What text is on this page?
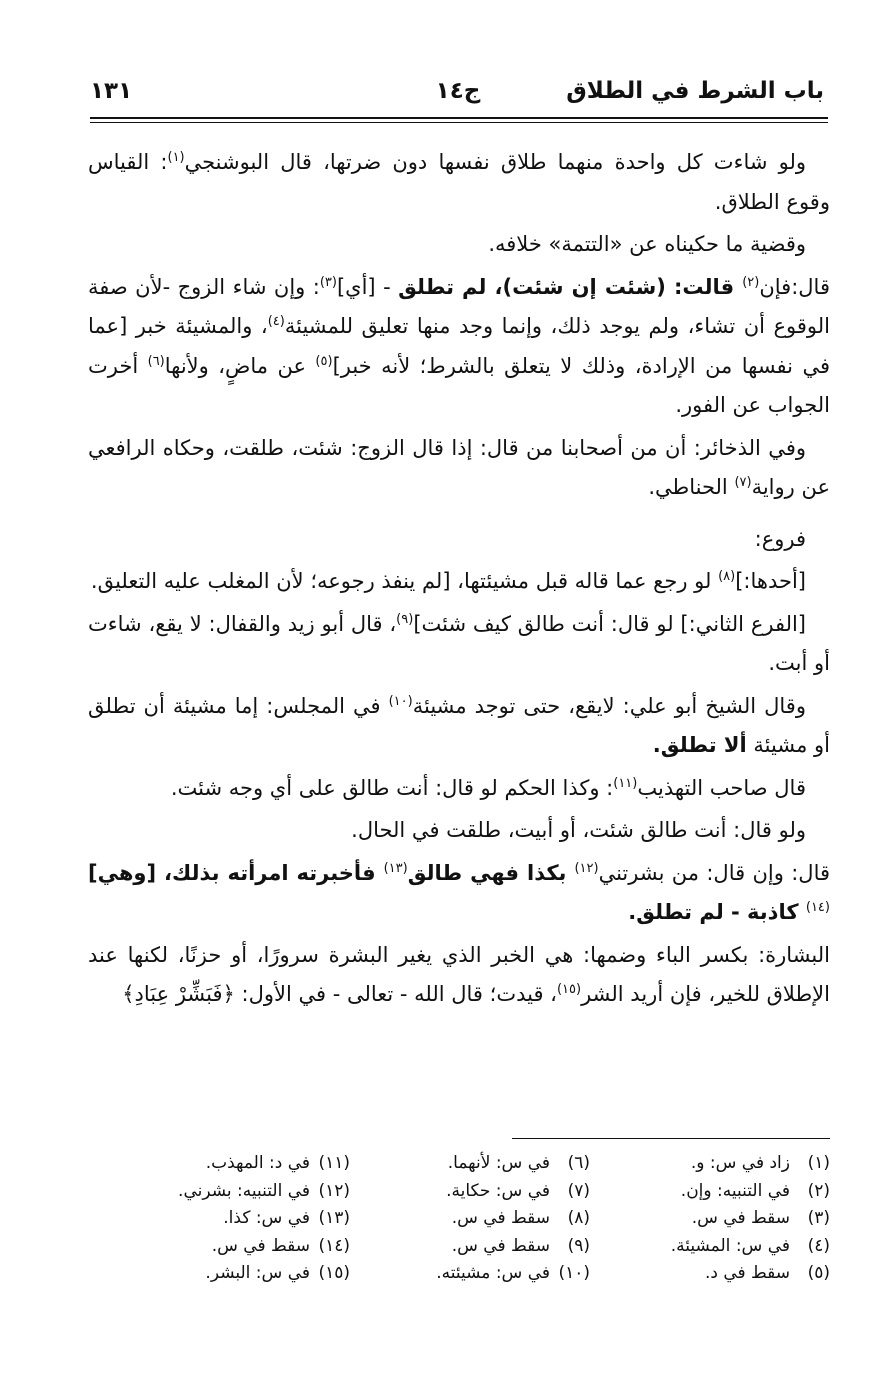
باب الشرط في الطلاق
ج١٤
١٣١

ولو شاءت كل واحدة منهما طلاق نفسها دون ضرتها، قال البوشنجي$^{(١)}$: القياس وقوع الطلاق.

وقضية ما حكيناه عن «التتمة» خلافه.

قال:فإن$^{(٢)}$ قالت: (شئت إن شئت)، لم تطلق - [أي]$^{(٣)}$: وإن شاء الزوج -لأن صفة الوقوع أن تشاء، ولم يوجد ذلك، وإنما وجد منها تعليق للمشيئة$^{(٤)}$، والمشيئة خبر [عما في نفسها من الإرادة، وذلك لا يتعلق بالشرط؛ لأنه خبر]$^{(٥)}$ عن ماضٍ، ولأنها$^{(٦)}$ أخرت الجواب عن الفور.

وفي الذخائر: أن من أصحابنا من قال: إذا قال الزوج: شئت، طلقت، وحكاه الرافعي عن رواية$^{(٧)}$ الحناطي.

فروع:

[أحدها:]$^{(٨)}$ لو رجع عما قاله قبل مشيئتها، [لم ينفذ رجوعه؛ لأن المغلب عليه التعليق.

[الفرع الثاني:] لو قال: أنت طالق كيف شئت]$^{(٩)}$، قال أبو زيد والقفال: لا يقع، شاءت أو أبت.

وقال الشيخ أبو علي: لايقع، حتى توجد مشيئة$^{(١٠)}$ في المجلس: إما مشيئة أن تطلق أو مشيئة ألا تطلق.

قال صاحب التهذيب$^{(١١)}$: وكذا الحكم لو قال: أنت طالق على أي وجه شئت.

ولو قال: أنت طالق شئت، أو أبيت، طلقت في الحال.

قال: وإن قال: من بشرتني$^{(١٢)}$ بكذا فهي طالق$^{(١٣)}$ فأخبرته امرأته بذلك، [وهي]$^{(١٤)}$ كاذبة - لم تطلق.

البشارة: بكسر الباء وضمها: هي الخبر الذي يغير البشرة سرورًا، أو حزنًا، لكنها عند الإطلاق للخير، فإن أريد الشر$^{(١٥)}$، قيدت؛ قال الله - تعالى - في الأول: ﴿فَبَشِّرْ عِبَادِ﴾

(١)زاد في س: و.
(٢)في التنبيه: وإن.
(٣)سقط في س.
(٤)في س: المشيئة.
(٥)سقط في د.
(٦)في س: لأنهما.
(٧)في س: حكاية.
(٨)سقط في س.
(٩)سقط في س.
(١٠)في س: مشيئته.
(١١)في د: المهذب.
(١٢)في التنبيه: بشرني.
(١٣)في س: كذا.
(١٤)سقط في س.
(١٥)في س: البشر.
